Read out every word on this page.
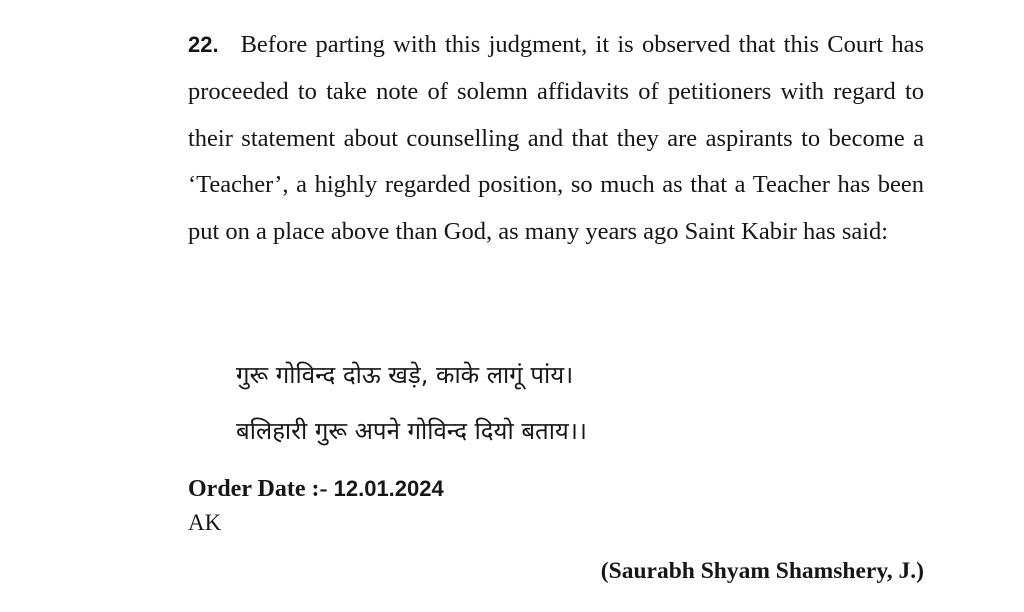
22. Before parting with this judgment, it is observed that this Court has proceeded to take note of solemn affidavits of petitioners with regard to their statement about counselling and that they are aspirants to become a ‘Teacher’, a highly regarded position, so much as that a Teacher has been put on a place above than God, as many years ago Saint Kabir has said:

गुरू गोविन्द दोऊ खड़े, काके लागूं पांय।

बलिहारी गुरू अपने गोविन्द दियो बताय।।

Order Date :- 12.01.2024

AK

(Saurabh Shyam Shamshery, J.)
